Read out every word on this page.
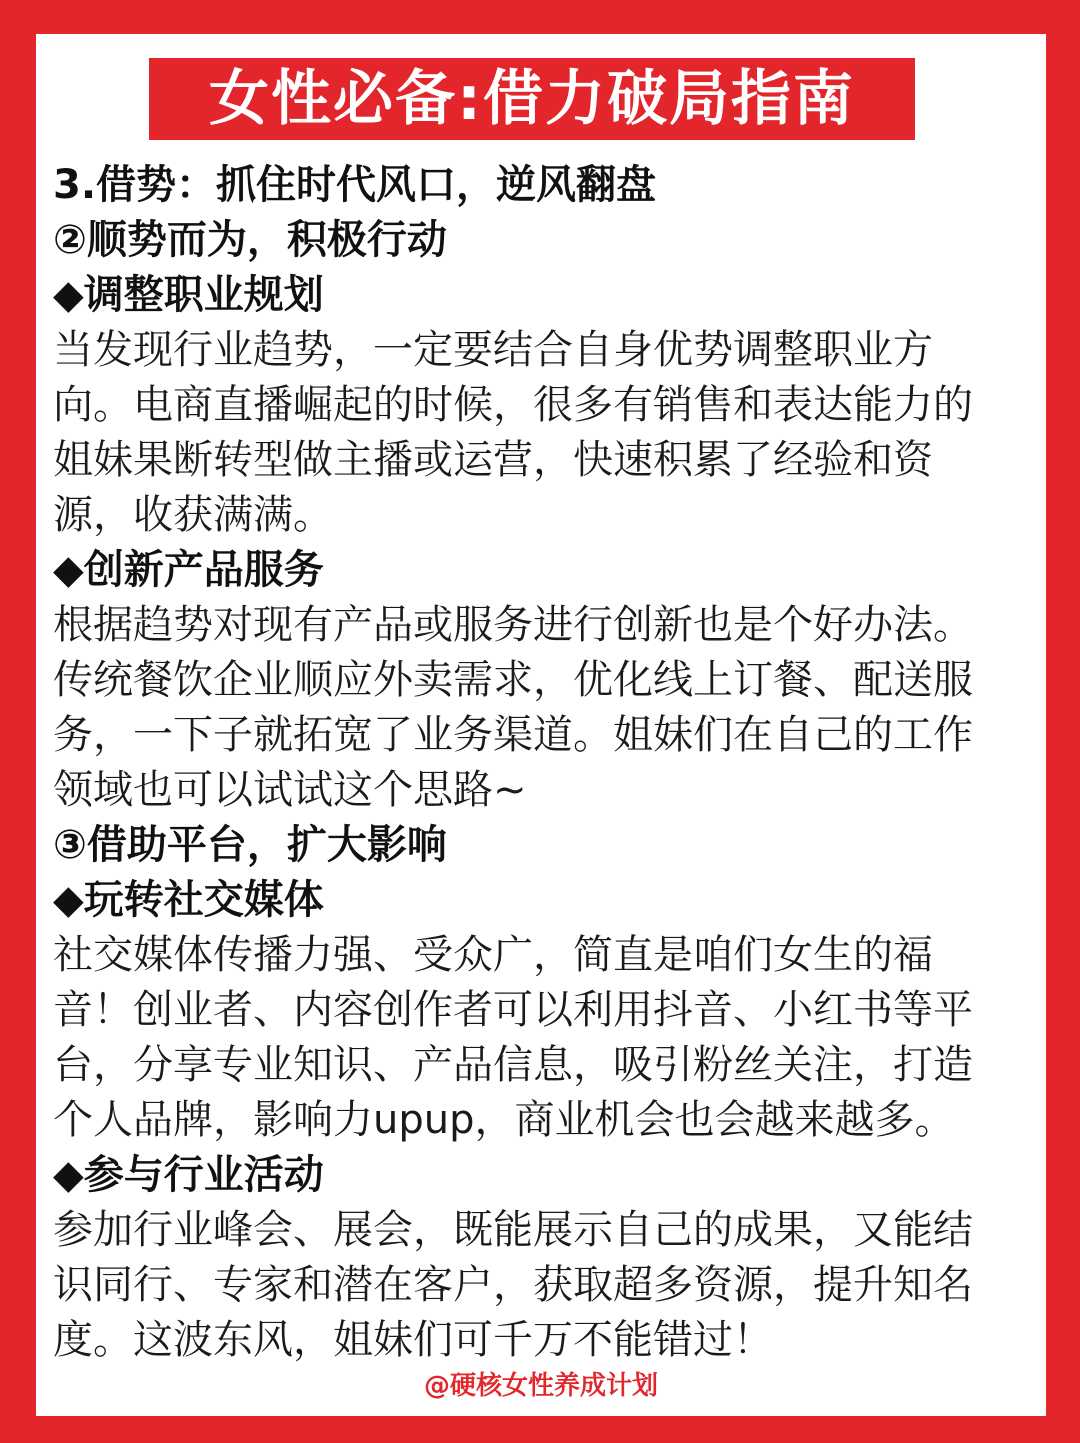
女性必备:借力破局指南
3.借势：抓住时代风口，逆风翻盘
②顺势而为，积极行动
◆调整职业规划
当发现行业趋势，一定要结合自身优势调整职业方
向。电商直播崛起的时候，很多有销售和表达能力的
姐妹果断转型做主播或运营，快速积累了经验和资
源，收获满满。
◆创新产品服务
根据趋势对现有产品或服务进行创新也是个好办法。
传统餐饮企业顺应外卖需求，优化线上订餐、配送服
务，一下子就拓宽了业务渠道。姐妹们在自己的工作
领域也可以试试这个思路~
③借助平台，扩大影响
◆玩转社交媒体
社交媒体传播力强、受众广，简直是咱们女生的福
音！创业者、内容创作者可以利用抖音、小红书等平
台，分享专业知识、产品信息，吸引粉丝关注，打造
个人品牌，影响力upup，商业机会也会越来越多。
◆参与行业活动
参加行业峰会、展会，既能展示自己的成果，又能结
识同行、专家和潜在客户，获取超多资源，提升知名
度。这波东风，姐妹们可千万不能错过！
@硬核女性养成计划
